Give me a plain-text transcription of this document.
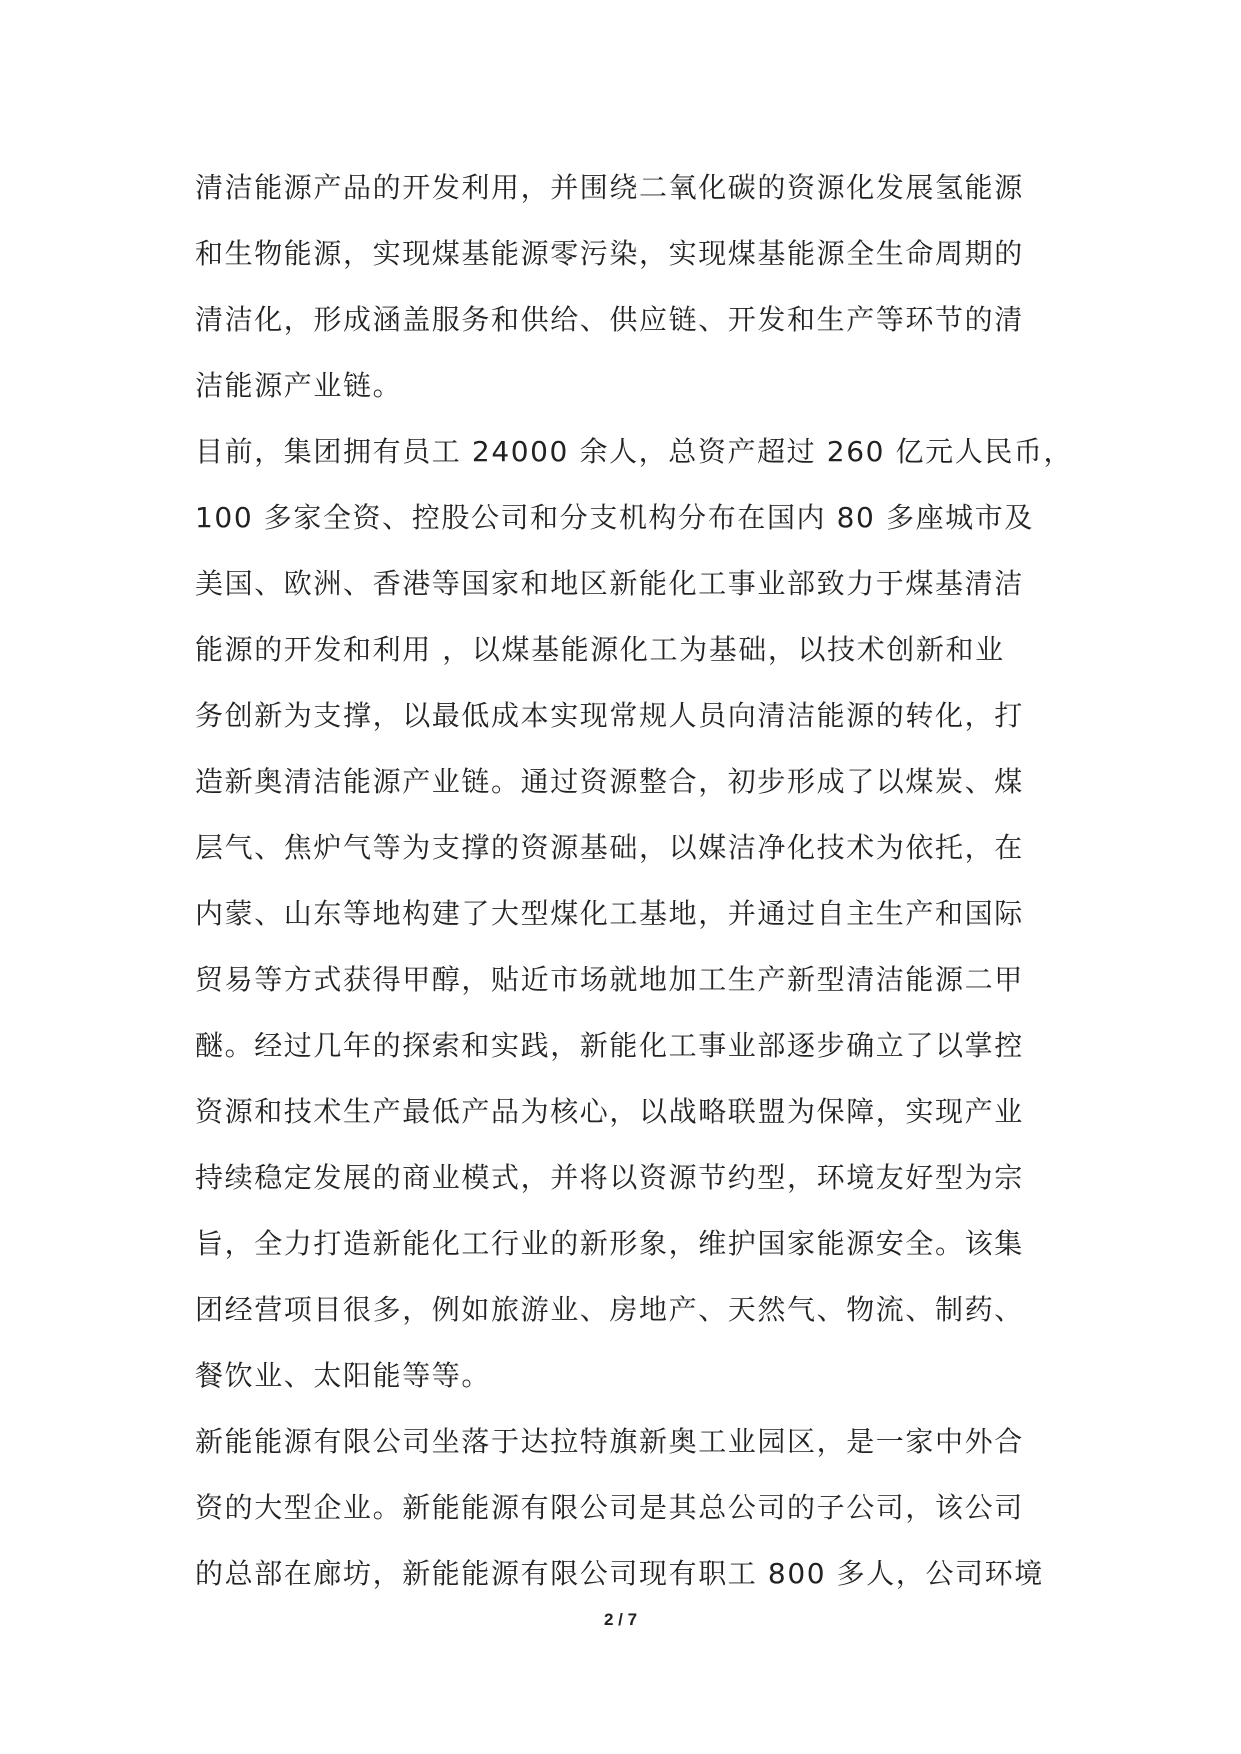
清洁能源产品的开发利用，并围绕二氧化碳的资源化发展氢能源
和生物能源，实现煤基能源零污染，实现煤基能源全生命周期的
清洁化，形成涵盖服务和供给、供应链、开发和生产等环节的清
洁能源产业链。
目前，集团拥有员工 24000 余人，总资产超过 260 亿元人民币，
100 多家全资、控股公司和分支机构分布在国内 80 多座城市及
美国、欧洲、香港等国家和地区新能化工事业部致力于煤基清洁
能源的开发和利用 ，以煤基能源化工为基础，以技术创新和业
务创新为支撑，以最低成本实现常规人员向清洁能源的转化，打
造新奥清洁能源产业链。通过资源整合，初步形成了以煤炭、煤
层气、焦炉气等为支撑的资源基础，以媒洁净化技术为依托，在
内蒙、山东等地构建了大型煤化工基地，并通过自主生产和国际
贸易等方式获得甲醇，贴近市场就地加工生产新型清洁能源二甲
醚。经过几年的探索和实践，新能化工事业部逐步确立了以掌控
资源和技术生产最低产品为核心，以战略联盟为保障，实现产业
持续稳定发展的商业模式，并将以资源节约型，环境友好型为宗
旨，全力打造新能化工行业的新形象，维护国家能源安全。该集
团经营项目很多，例如旅游业、房地产、天然气、物流、制药、
餐饮业、太阳能等等。
新能能源有限公司坐落于达拉特旗新奥工业园区，是一家中外合
资的大型企业。新能能源有限公司是其总公司的子公司，该公司
的总部在廊坊，新能能源有限公司现有职工 800 多人，公司环境
2 / 7
